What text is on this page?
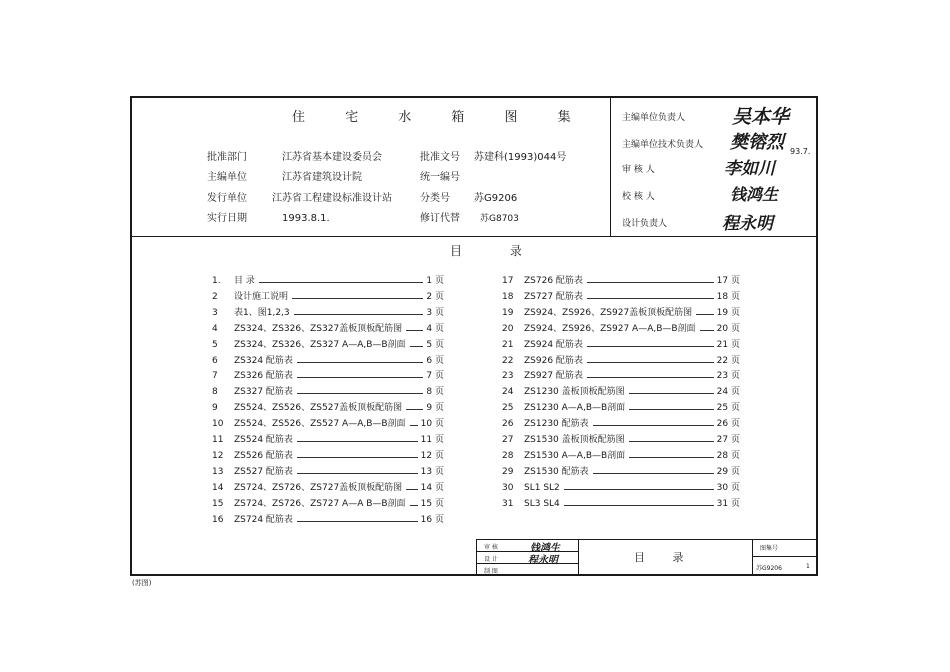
住 宅 水 箱 图 集
批准部门	江苏省基本建设委员会
主编单位	江苏省建筑设计院
发行单位	江苏省工程建设标准设计站
实行日期	1993.8.1.
批准文号 苏建科(1993)044号
统一编号
分类号 苏G9206
修订代替 苏G8703
主编单位负责人 吴本华
主编单位技术负责人 樊镕烈 93.7.
审 核 人	李如川
校 核 人	钱鸿生
设计负责人	程永明
目 录
1.	目 录	1 页
2	设计施工说明	2 页
3	表1、图1,2,3	3 页
4	ZS324、ZS326、ZS327盖板顶板配筋图	4 页
5	ZS324、ZS326、ZS327 A—A,B—B剖面 5 页
6	ZS324 配筋表	6 页
7	ZS326 配筋表	7 页
8	ZS327 配筋表	8 页
9	ZS524、ZS526、ZS527盖板顶板配筋图	9 页
10	ZS524、ZS526、ZS527 A—A,B—B剖面 10 页
11	ZS524 配筋表	11 页
12	ZS526 配筋表	12 页
13	ZS527 配筋表	13 页
14	ZS724、ZS726、ZS727盖板顶板配筋图 14 页
15	ZS724、ZS726、ZS727 A—A B—B剖面 15 页
16	ZS724 配筋表	16 页
17	ZS726 配筋表	17 页
18	ZS727 配筋表	18 页
19	ZS924、ZS926、ZS927盖板顶板配筋图	19 页
20	ZS924、ZS926、ZS927 A—A,B—B剖面 20 页
21	ZS924 配筋表	21 页
22	ZS926 配筋表	22 页
23	ZS927 配筋表	23 页
24	ZS1230 盖板顶板配筋图	24 页
25	ZS1230 A—A,B—B剖面	25 页
26	ZS1230 配筋表	26 页
27	ZS1530 盖板顶板配筋图	27 页
28	ZS1530 A—A,B—B剖面	28 页
29	ZS1530 配筋表	29 页
30	SL1 SL2	30 页
31	SL3 SL4	31 页
审 核	钱鸿生
设 计	程永明
制 图
目 录
图集号
苏G9206	1
(苏图)
